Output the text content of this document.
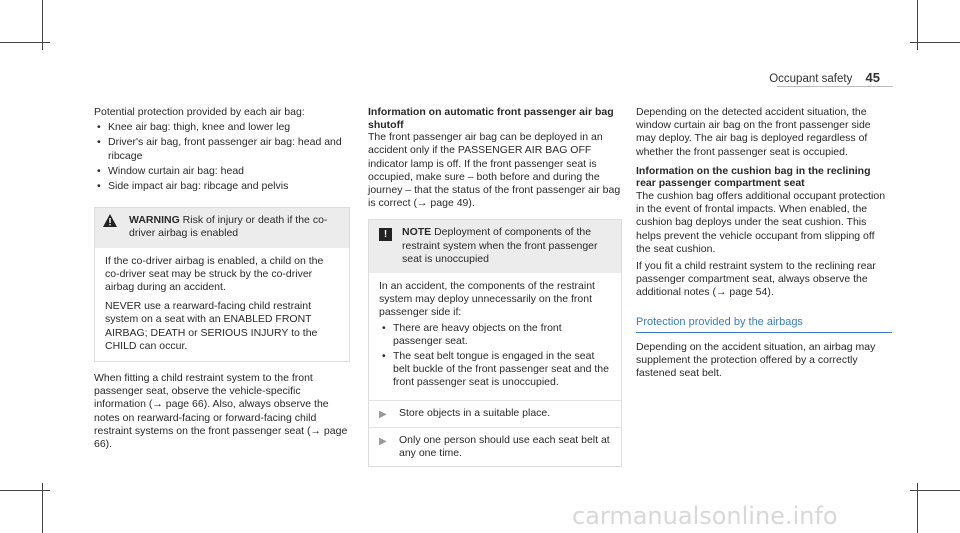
Occupant safety 45

Potential protection provided by each air bag:

• Knee air bag: thigh, knee and lower leg
• Driver's air bag, front passenger air bag: head and ribcage
• Window curtain air bag: head
• Side impact air bag: ribcage and pelvis
WARNING Risk of injury or death if the co-driver airbag is enabled

If the co-driver airbag is enabled, a child on the co-driver seat may be struck by the co-driver airbag during an accident.

NEVER use a rearward-facing child restraint system on a seat with an ENABLED FRONT AIRBAG; DEATH or SERIOUS INJURY to the CHILD can occur.

When fitting a child restraint system to the front passenger seat, observe the vehicle-specific information (→ page 66). Also, always observe the notes on rearward-facing or forward-facing child restraint systems on the front passenger seat (→ page 66).

Information on automatic front passenger air bag shutoff

The front passenger air bag can be deployed in an accident only if the PASSENGER AIR BAG OFF indicator lamp is off. If the front passenger seat is occupied, make sure – both before and during the journey – that the status of the front passenger air bag is correct (→ page 49).

!	NOTE Deployment of components of the restraint system when the front passenger seat is unoccupied

In an accident, the components of the restraint system may deploy unnecessarily on the front passenger side if:

• There are heavy objects on the front passenger seat.
• The seat belt tongue is engaged in the seat belt buckle of the front passenger seat and the front passenger seat is unoccupied.
▶	Store objects in a suitable place.
▶	Only one person should use each seat belt at any one time.

Depending on the detected accident situation, the window curtain air bag on the front passenger side may deploy. The air bag is deployed regardless of whether the front passenger seat is occupied.

Information on the cushion bag in the reclining rear passenger compartment seat

The cushion bag offers additional occupant protection in the event of frontal impacts. When enabled, the cushion bag deploys under the seat cushion. This helps prevent the vehicle occupant from slipping off the seat cushion.

If you fit a child restraint system to the reclining rear passenger compartment seat, always observe the additional notes (→ page 54).

Protection provided by the airbags

Depending on the accident situation, an airbag may supplement the protection offered by a correctly fastened seat belt.

carmanualsonline.info
